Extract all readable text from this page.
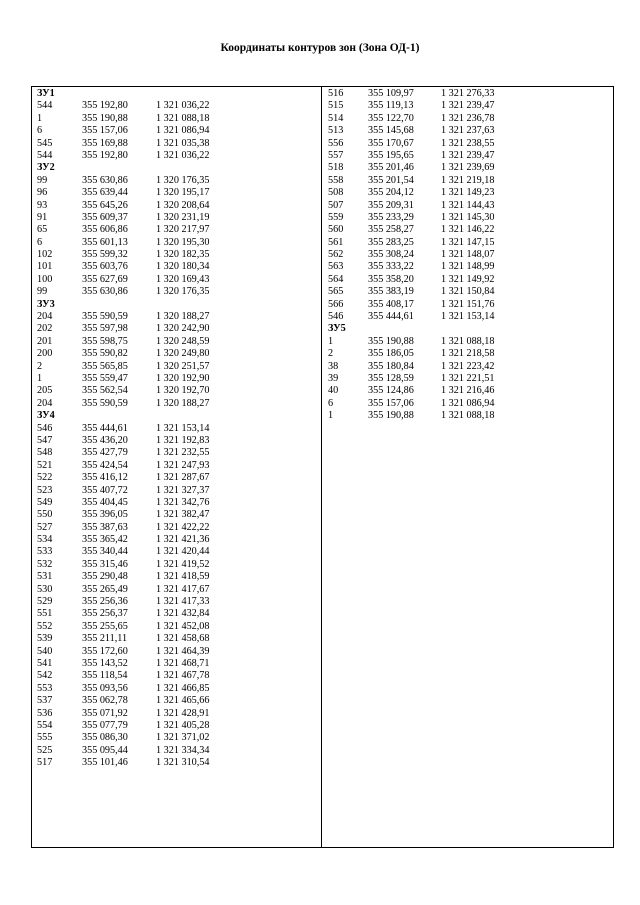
Координаты контуров зон (Зона ОД-1)
ЗУ1
544	355 192,80	1 321 036,22
1	355 190,88	1 321 088,18
6	355 157,06	1 321 086,94
545	355 169,88	1 321 035,38
544	355 192,80	1 321 036,22
ЗУ2
99	355 630,86	1 320 176,35
96	355 639,44	1 320 195,17
93	355 645,26	1 320 208,64
91	355 609,37	1 320 231,19
65	355 606,86	1 320 217,97
6	355 601,13	1 320 195,30
102	355 599,32	1 320 182,35
101	355 603,76	1 320 180,34
100	355 627,69	1 320 169,43
99	355 630,86	1 320 176,35
ЗУ3
204	355 590,59	1 320 188,27
202	355 597,98	1 320 242,90
201	355 598,75	1 320 248,59
200	355 590,82	1 320 249,80
2	355 565,85	1 320 251,57
1	355 559,47	1 320 192,90
205	355 562,54	1 320 192,70
204	355 590,59	1 320 188,27
ЗУ4
546	355 444,61	1 321 153,14
547	355 436,20	1 321 192,83
548	355 427,79	1 321 232,55
521	355 424,54	1 321 247,93
522	355 416,12	1 321 287,67
523	355 407,72	1 321 327,37
549	355 404,45	1 321 342,76
550	355 396,05	1 321 382,47
527	355 387,63	1 321 422,22
534	355 365,42	1 321 421,36
533	355 340,44	1 321 420,44
532	355 315,46	1 321 419,52
531	355 290,48	1 321 418,59
530	355 265,49	1 321 417,67
529	355 256,36	1 321 417,33
551	355 256,37	1 321 432,84
552	355 255,65	1 321 452,08
539	355 211,11	1 321 458,68
540	355 172,60	1 321 464,39
541	355 143,52	1 321 468,71
542	355 118,54	1 321 467,78
553	355 093,56	1 321 466,85
537	355 062,78	1 321 465,66
536	355 071,92	1 321 428,91
554	355 077,79	1 321 405,28
555	355 086,30	1 321 371,02
525	355 095,44	1 321 334,34
517	355 101,46	1 321 310,54
516 355 109,97	1 321 276,33
515 355 119,13	1 321 239,47
514 355 122,70	1 321 236,78
513 355 145,68	1 321 237,63
556 355 170,67	1 321 238,55
557 355 195,65	1 321 239,47
518 355 201,46	1 321 239,69
558 355 201,54	1 321 219,18
508 355 204,12	1 321 149,23
507 355 209,31	1 321 144,43
559 355 233,29	1 321 145,30
560 355 258,27	1 321 146,22
561 355 283,25	1 321 147,15
562 355 308,24	1 321 148,07
563 355 333,22	1 321 148,99
564 355 358,20	1 321 149,92
565 355 383,19	1 321 150,84
566 355 408,17	1 321 151,76
546 355 444,61	1 321 153,14
ЗУ5
1	355 190,88	1 321 088,18
2	355 186,05	1 321 218,58
38	355 180,84	1 321 223,42
39	355 128,59	1 321 221,51
40	355 124,86	1 321 216,46
6	355 157,06	1 321 086,94
1	355 190,88	1 321 088,18
